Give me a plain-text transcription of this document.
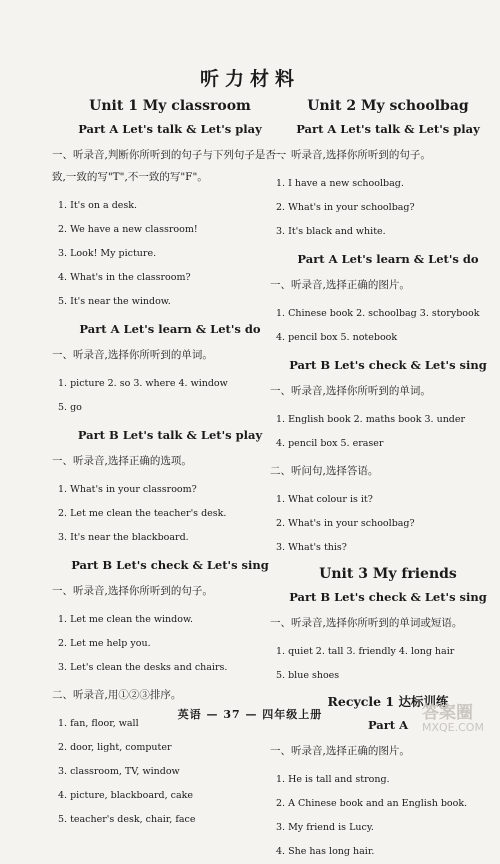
听力材料
Unit 1 My classroom
Part A Let's talk & Let's play
一、听录音,判断你所听到的句子与下列句子是否一致,一致的写"T",不一致的写"F"。
1. It's on a desk.
2. We have a new classroom!
3. Look! My picture.
4. What's in the classroom?
5. It's near the window.
Part A Let's learn & Let's do
一、听录音,选择你所听到的单词。
1. picture 2. so 3. where 4. window
5. go
Part B Let's talk & Let's play
一、听录音,选择正确的选项。
1. What's in your classroom?
2. Let me clean the teacher's desk.
3. It's near the blackboard.
Part B Let's check & Let's sing
一、听录音,选择你所听到的句子。
1. Let me clean the window.
2. Let me help you.
3. Let's clean the desks and chairs.
二、听录音,用①②③排序。
1. fan, floor, wall
2. door, light, computer
3. classroom, TV, window
4. picture, blackboard, cake
5. teacher's desk, chair, face
Unit 2 My schoolbag
Part A Let's talk & Let's play
一、听录音,选择你所听到的句子。
1. I have a new schoolbag.
2. What's in your schoolbag?
3. It's black and white.
Part A Let's learn & Let's do
一、听录音,选择正确的图片。
1. Chinese book 2. schoolbag 3. storybook
4. pencil box 5. notebook
Part B Let's check & Let's sing
一、听录音,选择你所听到的单词。
1. English book 2. maths book 3. under
4. pencil box 5. eraser
二、听问句,选择答语。
1. What colour is it?
2. What's in your schoolbag?
3. What's this?
Unit 3 My friends
Part B Let's check & Let's sing
一、听录音,选择你所听到的单词或短语。
1. quiet 2. tall 3. friendly 4. long hair
5. blue shoes
Recycle 1 达标训练
Part A
一、听录音,选择正确的图片。
1. He is tall and strong.
2. A Chinese book and an English book.
3. My friend is Lucy.
4. She has long hair.
英语 — 37 — 四年级上册	答案圈
MXQE.COM
